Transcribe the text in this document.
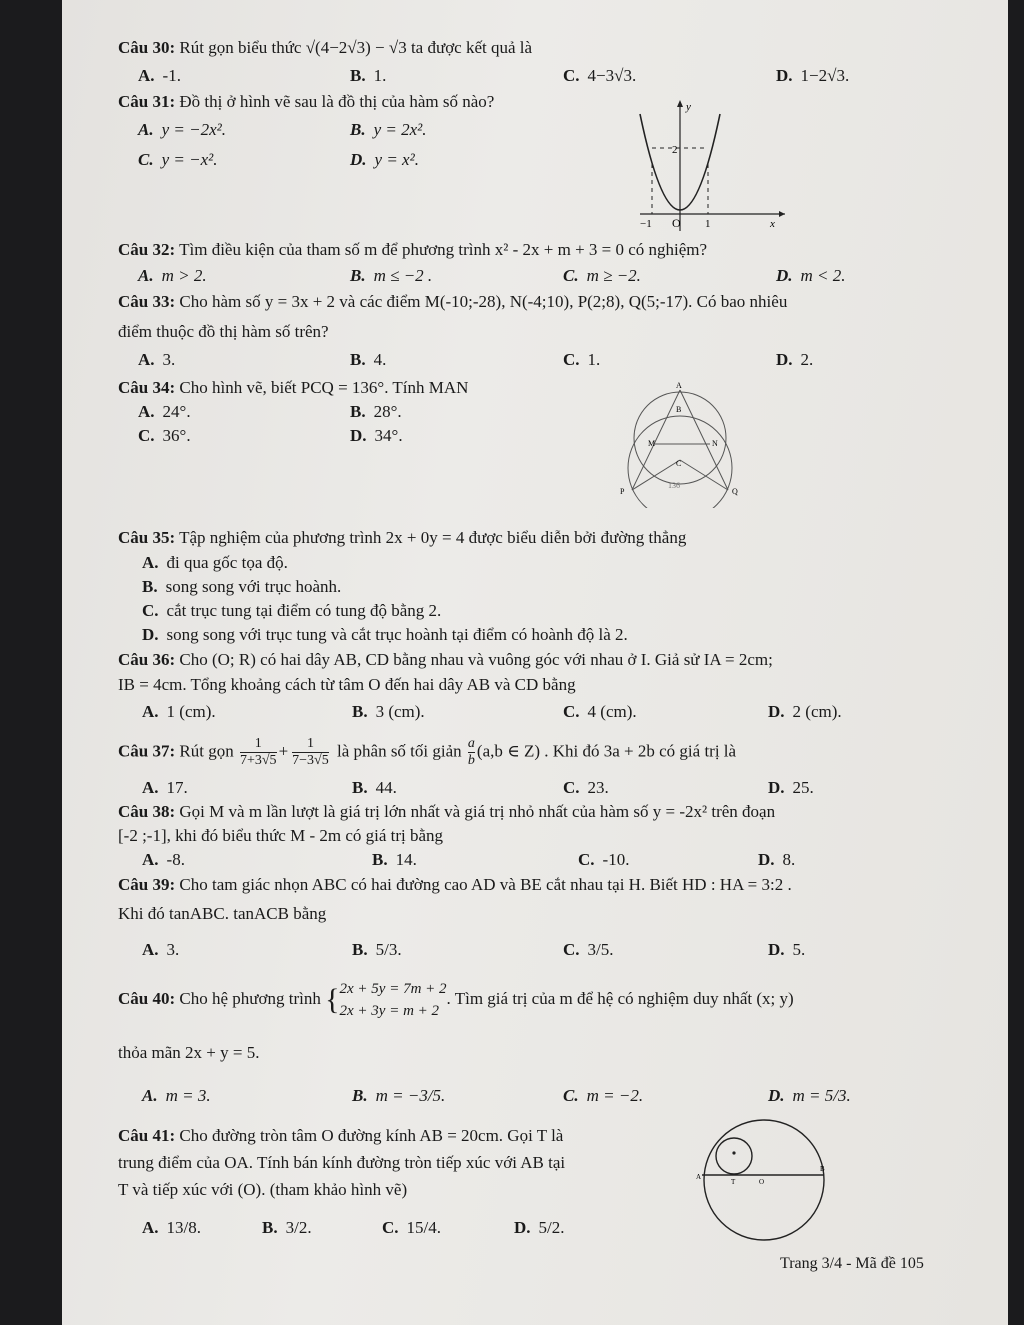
Câu 30: Rút gọn biểu thức √(4−2√3) − √3 ta được kết quả là
A. -1.	B. 1.	C. 4−3√3.	D. 1−2√3.
Câu 31: Đồ thị ở hình vẽ sau là đồ thị của hàm số nào?
A. y = −2x².	B. y = 2x².
C. y = −x².	D. y = x².
y
x
O
−1	1
2
Câu 32: Tìm điều kiện của tham số m để phương trình x² - 2x + m + 3 = 0 có nghiệm?
A. m > 2.	B. m ≤ −2 .	C. m ≥ −2.	D. m < 2.
Câu 33: Cho hàm số y = 3x + 2 và các điểm M(-10;-28), N(-4;10), P(2;8), Q(5;-17). Có bao nhiêu
điểm thuộc đồ thị hàm số trên?
A. 3.	B. 4.	C. 1.	D. 2.
Câu 34: Cho hình vẽ, biết PCQ = 136°. Tính MAN
A. 24°.	B. 28°.
C. 36°.	D. 34°.
A
B
M	N
C
P	Q
136
Câu 35: Tập nghiệm của phương trình 2x + 0y = 4 được biểu diễn bởi đường thẳng
A. đi qua gốc tọa độ.
B. song song với trục hoành.
C. cắt trục tung tại điểm có tung độ bằng 2.
D. song song với trục tung và cắt trục hoành tại điểm có hoành độ là 2.
Câu 36: Cho (O; R) có hai dây AB, CD bằng nhau và vuông góc với nhau ở I. Giả sử IA = 2cm;
IB = 4cm. Tổng khoảng cách từ tâm O đến hai dây AB và CD bằng
A. 1 (cm).	B. 3 (cm).	C. 4 (cm).	D. 2 (cm).
Câu 37: Rút gọn $\frac{1}{7+3√5} + \frac{1}{7-3√5}$ là phân số tối giản $\frac{a}{b} (a,b$ ∈ Z) . Khi đó 3a + 2b có giá trị là
A. 17.	B. 44.	C. 23.	D. 25.
Câu 38: Gọi M và m lần lượt là giá trị lớn nhất và giá trị nhỏ nhất của hàm số y = -2x² trên đoạn
[-2 ;-1], khi đó biểu thức M - 2m có giá trị bằng
A. -8.	B. 14.	C. -10.	D. 8.
Câu 39: Cho tam giác nhọn ABC có hai đường cao AD và BE cắt nhau tại H. Biết HD : HA = 3:2 .
Khi đó tanABC. tanACB bằng
A. 3.	B. 5/3.	C. 3/5.	D. 5.
Câu 40: Cho hệ phương trình { 2x + 5y = 7m + 2
2x + 3y = m + 2
. Tìm giá trị của m để hệ có nghiệm duy nhất (x; y)
thỏa mãn 2x + y = 5.
A. m = 3.	B. m = −3/5.	C. m = −2.	D. m = 5/3.
Câu 41: Cho đường tròn tâm O đường kính AB = 20cm. Gọi T là
trung điểm của OA. Tính bán kính đường tròn tiếp xúc với AB tại
T và tiếp xúc với (O). (tham khảo hình vẽ)
A. 13/8.	B. 3/2.	C. 15/4.	D. 5/2.
A
B
T	O
Trang 3/4 - Mã đề 105
